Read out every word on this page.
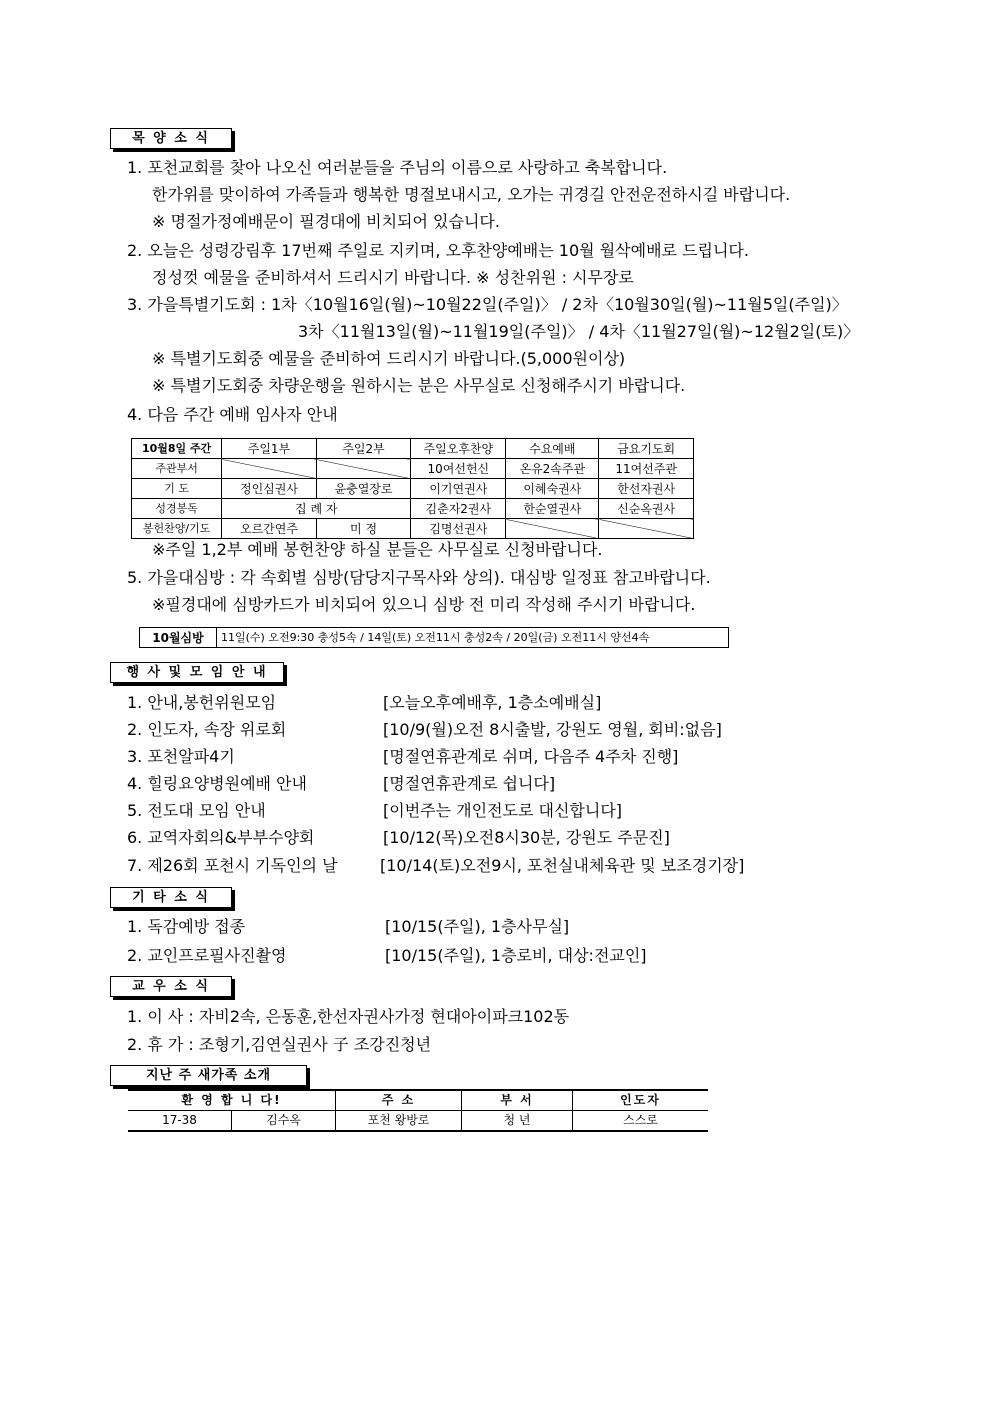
목 양 소 식
1. 포천교회를 찾아 나오신 여러분들을 주님의 이름으로 사랑하고 축복합니다.
한가위를 맞이하여 가족들과 행복한 명절보내시고, 오가는 귀경길 안전운전하시길 바랍니다.
※ 명절가정예배문이 필경대에 비치되어 있습니다.
2. 오늘은 성령강림후 17번째 주일로 지키며, 오후찬양예배는 10월 월삭예배로 드립니다.
정성껏 예물을 준비하셔서 드리시기 바랍니다. ※ 성찬위원 : 시무장로
3. 가을특별기도회 : 1차〈10월16일(월)~10월22일(주일)〉 / 2차〈10월30일(월)~11월5일(주일)〉
3차〈11월13일(월)~11월19일(주일)〉 / 4차〈11월27일(월)~12월2일(토)〉
※ 특별기도회중 예물을 준비하여 드리시기 바랍니다.(5,000원이상)
※ 특별기도회중 차량운행을 원하시는 분은 사무실로 신청해주시기 바랍니다.
4. 다음 주간 예배 임사자 안내
10월8일 주간	주일1부	주일2부	주일오후찬양	수요예배	금요기도회
주관부서			10여선헌신	온유2속주관	11여선주관
기 도	정인심권사	윤충열장로	이기연권사	이혜숙권사	한선자권사
성경봉독	집 례 자		김춘자2권사	한순열권사	신순옥권사
봉헌찬양/기도	오르간연주	미 정	김명선권사		
※주일 1,2부 예배 봉헌찬양 하실 분들은 사무실로 신청바랍니다.
5. 가을대심방 : 각 속회별 심방(담당지구목사와 상의). 대심방 일정표 참고바랍니다.
※필경대에 심방카드가 비치되어 있으니 심방 전 미리 작성해 주시기 바랍니다.
10월심방	11일(수) 오전9:30 충성5속 / 14일(토) 오전11시 충성2속 / 20일(금) 오전11시 양선4속
행 사 및 모 임 안 내
1. 안내,봉헌위원모임	[오늘오후예배후, 1층소예배실]
2. 인도자, 속장 위로회	[10/9(월)오전 8시출발, 강원도 영월, 회비:없음]
3. 포천알파4기	[명절연휴관계로 쉬며, 다음주 4주차 진행]
4. 힐링요양병원예배 안내	[명절연휴관계로 쉽니다]
5. 전도대 모임 안내	[이번주는 개인전도로 대신합니다]
6. 교역자회의&부부수양회	[10/12(목)오전8시30분, 강원도 주문진]
7. 제26회 포천시 기독인의 날	[10/14(토)오전9시, 포천실내체육관 및 보조경기장]
기 타 소 식
1. 독감예방 접종	[10/15(주일), 1층사무실]
2. 교인프로필사진촬영	[10/15(주일), 1층로비, 대상:전교인]
교 우 소 식
1. 이 사 : 자비2속, 은동훈,한선자권사가정 현대아이파크102동
2. 휴 가 : 조형기,김연실권사 子 조강진청년
지난 주 새가족 소개
환 영 합 니 다!		주 소	부 서	인도자
17-38	김수옥	포천 왕방로	청 년	스스로
